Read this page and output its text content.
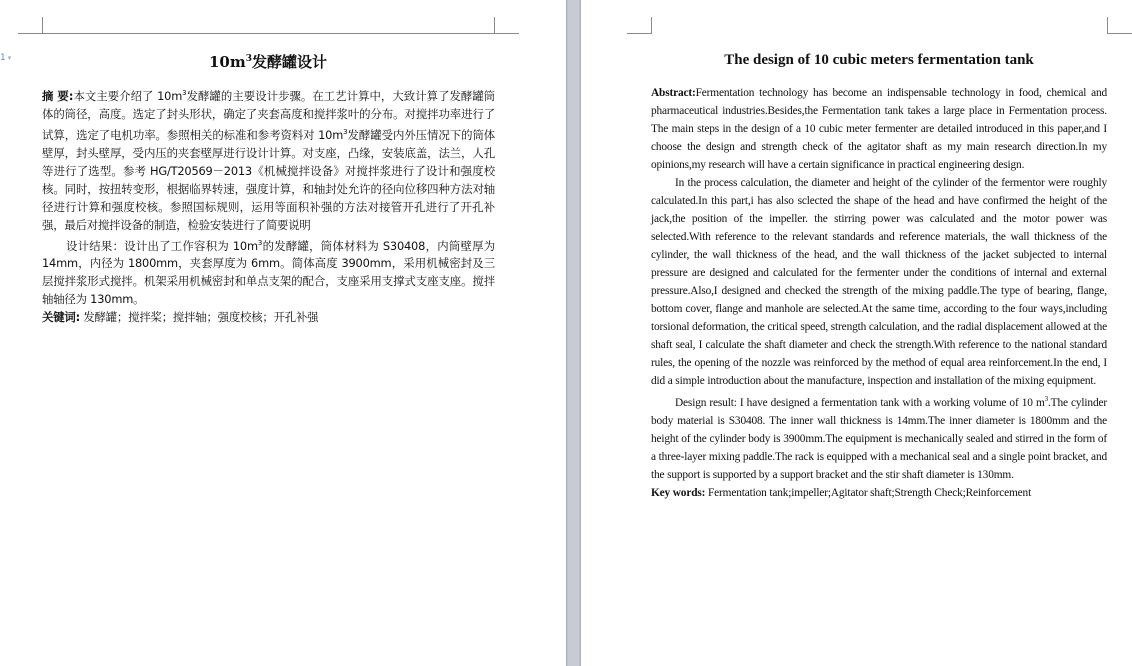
1 ▾	$10m^3$发酵罐设计

摘 要:本文主要介绍了 $10m^3$发酵罐的主要设计步骤。在工艺计算中，大致计算了发酵罐筒体的筒径，高度。选定了封头形状，确定了夹套高度和搅拌浆叶的分布。对搅拌功率进行了试算，选定了电机功率。参照相关的标准和参考资料对 $10m^3$发酵罐受内外压情况下的筒体壁厚，封头壁厚，受内压的夹套壁厚进行设计计算。对支座，凸缘，安装底盖，法兰，人孔等进行了选型。参考 HG/T20569－2013《机械搅拌设备》对搅拌浆进行了设计和强度校核。同时，按扭转变形，根据临界转速，强度计算，和轴封处允许的径向位移四种方法对轴径进行计算和强度校核。参照国标规则，运用等面积补强的方法对接管开孔进行了开孔补强，最后对搅拌设备的制造，检验安装进行了简要说明

设计结果：设计出了工作容积为 $10m^3$的发酵罐，筒体材料为 S30408，内筒壁厚为 14mm，内径为 1800mm，夹套厚度为 6mm。简体高度 3900mm，采用机械密封及三层搅拌浆形式搅拌。机架采用机械密封和单点支架的配合，支座采用支撑式支座支座。搅拌轴轴径为 130mm。

关键词: 发酵罐；搅拌桨；搅拌轴；强度校核；开孔补强

The design of 10 cubic meters fermentation tank

Abstract:Fermentation technology has become an indispensable technology in food, chemical and pharmaceutical industries.Besides,the Fermentation tank takes a large place in Fermentation process. The main steps in the design of a 10 cubic meter fermenter are detailed introduced in this paper,and I choose the design and strength check of the agitator shaft as my main research direction.In my opinions,my research will have a certain significance in practical engineering design.

In the process calculation, the diameter and height of the cylinder of the fermentor were roughly calculated.In this part,i has also sclected the shape of the head and have confirmed the height of the jack,the position of the impeller. the stirring power was calculated and the motor power was selected.With reference to the relevant standards and reference materials, the wall thickness of the cylinder, the wall thickness of the head, and the wall thickness of the jacket subjected to internal pressure are designed and calculated for the fermenter under the conditions of internal and external pressure.Also,I designed and checked the strength of the mixing paddle.The type of bearing, flange, bottom cover, flange and manhole are selected.At the same time, according to the four ways,including torsional deformation, the critical speed, strength calculation, and the radial displacement allowed at the shaft seal, I calculate the shaft diameter and check the strength.With reference to the national standard rules, the opening of the nozzle was reinforced by the method of equal area reinforcement.In the end, I did a simple introduction about the manufacture, inspection and installation of the mixing equipment.

Design result: I have designed a fermentation tank with a working volume of 10 $m^3.The$ cylinder body material is S30408. The inner wall thickness is 14mm.The inner diameter is 1800mm and the height of the cylinder body is 3900mm.The equipment is mechanically sealed and stirred in the form of a three-layer mixing paddle.The rack is equipped with a mechanical seal and a single point bracket, and the support is supported by a support bracket and the stir shaft diameter is 130mm.

Key words: Fermentation tank;impeller;Agitator shaft;Strength Check;Reinforcement
